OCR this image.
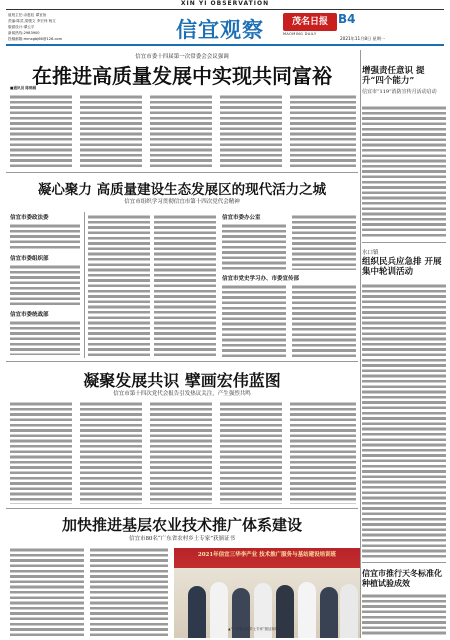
XIN YI OBSERVATION
值班主任:余惠虹 谭宜怡
责编:陈武,梁骏文 李宏炜 杨文
版面设计:谭云平
新闻热线:2983900
投稿邮箱:mmxgbj66@126.com	信宜观察	茂名日报
MAOMING DAILY
B4
2021年11月8日 星期一
信宜市委十四届第一次常委会会议强调
在推进高质量发展中实现共同富裕
■通讯员 陈锦娟
凝心聚力 高质量建设生态发展区的现代活力之城
信宜市组织学习贯彻信宜市第十四次党代会精神
信宜市委政法委
信宜市委组织部
信宜市委统战部
信宜市委办公室
信宜市党史学习办、市委宣传部
凝聚发展共识 擘画宏伟蓝图
信宜市第十四次党代会报告引发热议关注，产生强烈共鸣
加快推进基层农业技术推广体系建设
信宜市80名“广东省农村乡土专家”获颁证书
2021年信宜三华李产业 技术推广服务与基站建设培训班
▲“广东省农村乡土专家”颁证现场。
增强责任意识 提升“四个能力”
信宜市“119”消防宣传月活动启动
水口镇
组织民兵应急排 开展集中轮训活动
信宜市推行天冬标准化种植试验成效
